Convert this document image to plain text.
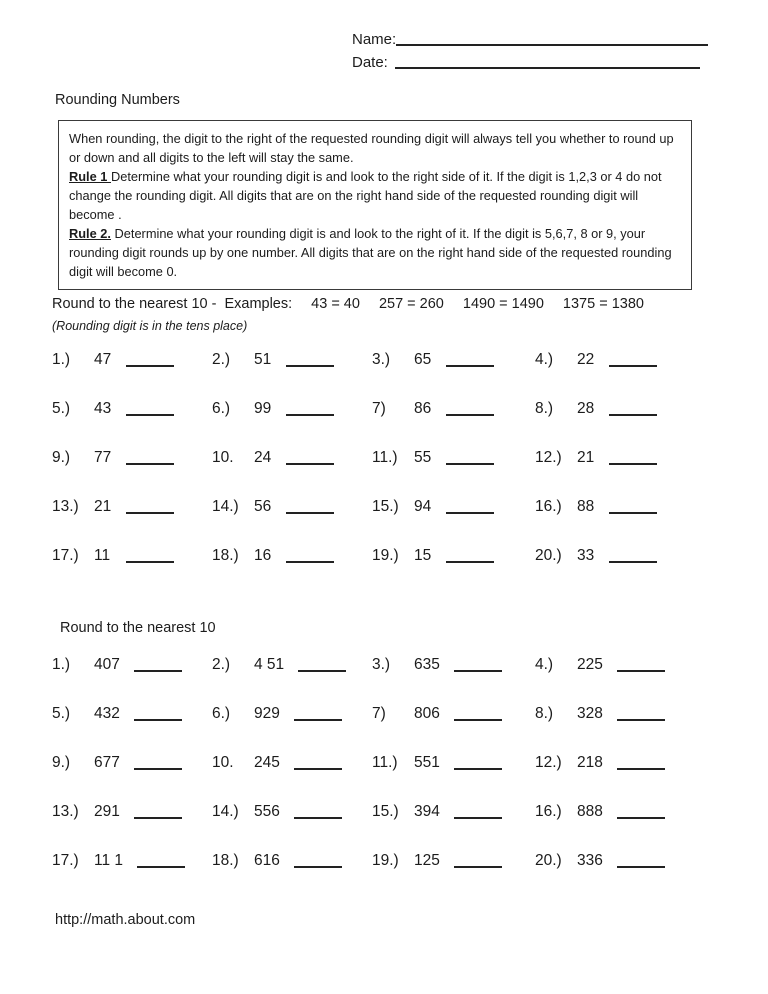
Name:
Date:
Rounding Numbers

When rounding, the digit to the right of the requested rounding digit will always tell you whether to round up or down and all digits to the left will stay the same.

Rule 1 Determine what your rounding digit is and look to the right side of it. If the digit is 1,2,3 or 4 do not change the rounding digit. All digits that are on the right hand side of the requested rounding digit will become .

Rule 2. Determine what your rounding digit is and look to the right of it. If the digit is 5,6,7, 8 or 9, your rounding digit rounds up by one number. All digits that are on the right hand side of the requested rounding digit will become 0.

Round to the nearest 10 - Examples: 43 = 40 257 = 260 1490 = 1490 1375 = 1380
(Rounding digit is in the tens place)
1.) 47	2.) 51	3.) 65	4.) 22
5.) 43	6.) 99	7) 86	8.) 28
9.) 77	10. 24	11.) 55	12.) 21
13.) 21	14.) 56	15.) 94	16.) 88
17.) 11	18.) 16	19.) 15	20.) 33
Round to the nearest 10
1.) 407	2.) 4 51	3.) 635	4.) 225
5.) 432	6.) 929	7) 806	8.) 328
9.) 677	10. 245	11.) 551	12.) 218
13.) 291	14.) 556	15.) 394	16.) 888
17.) 11 1	18.) 616	19.) 125	20.) 336
http://math.about.com
